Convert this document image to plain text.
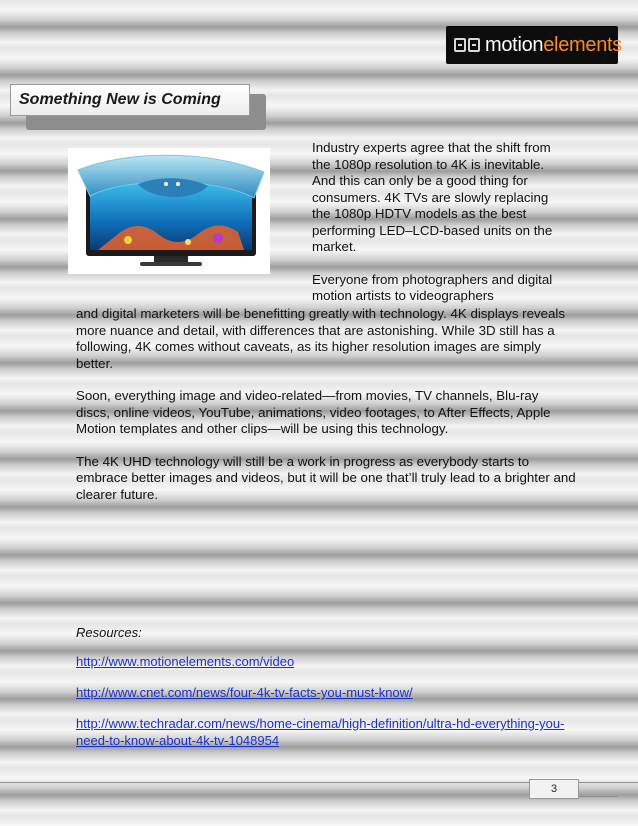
motionelements
Something New is Coming

Industry experts agree that the shift from the 1080p resolution to 4K is inevitable. And this can only be a good thing for consumers. 4K TVs are slowly replacing the 1080p HDTV models as the best performing LED–LCD-based units on the market.

Everyone from photographers and digital motion artists to videographers

and digital marketers will be benefitting greatly with technology. 4K displays reveals more nuance and detail, with differences that are astonishing. While 3D still has a following, 4K comes without caveats, as its higher resolution images are simply better.

Soon, everything image and video-related—from movies, TV channels, Blu-ray discs, online videos, YouTube, animations, video footages, to After Effects, Apple Motion templates and other clips—will be using this technology.

The 4K UHD technology will still be a work in progress as everybody starts to embrace better images and videos, but it will be one that’ll truly lead to a brighter and clearer future.

Resources:
http://www.motionelements.com/video
http://www.cnet.com/news/four-4k-tv-facts-you-must-know/
http://www.techradar.com/news/home-cinema/high-definition/ultra-hd-everything-you-need-to-know-about-4k-tv-1048954
3
